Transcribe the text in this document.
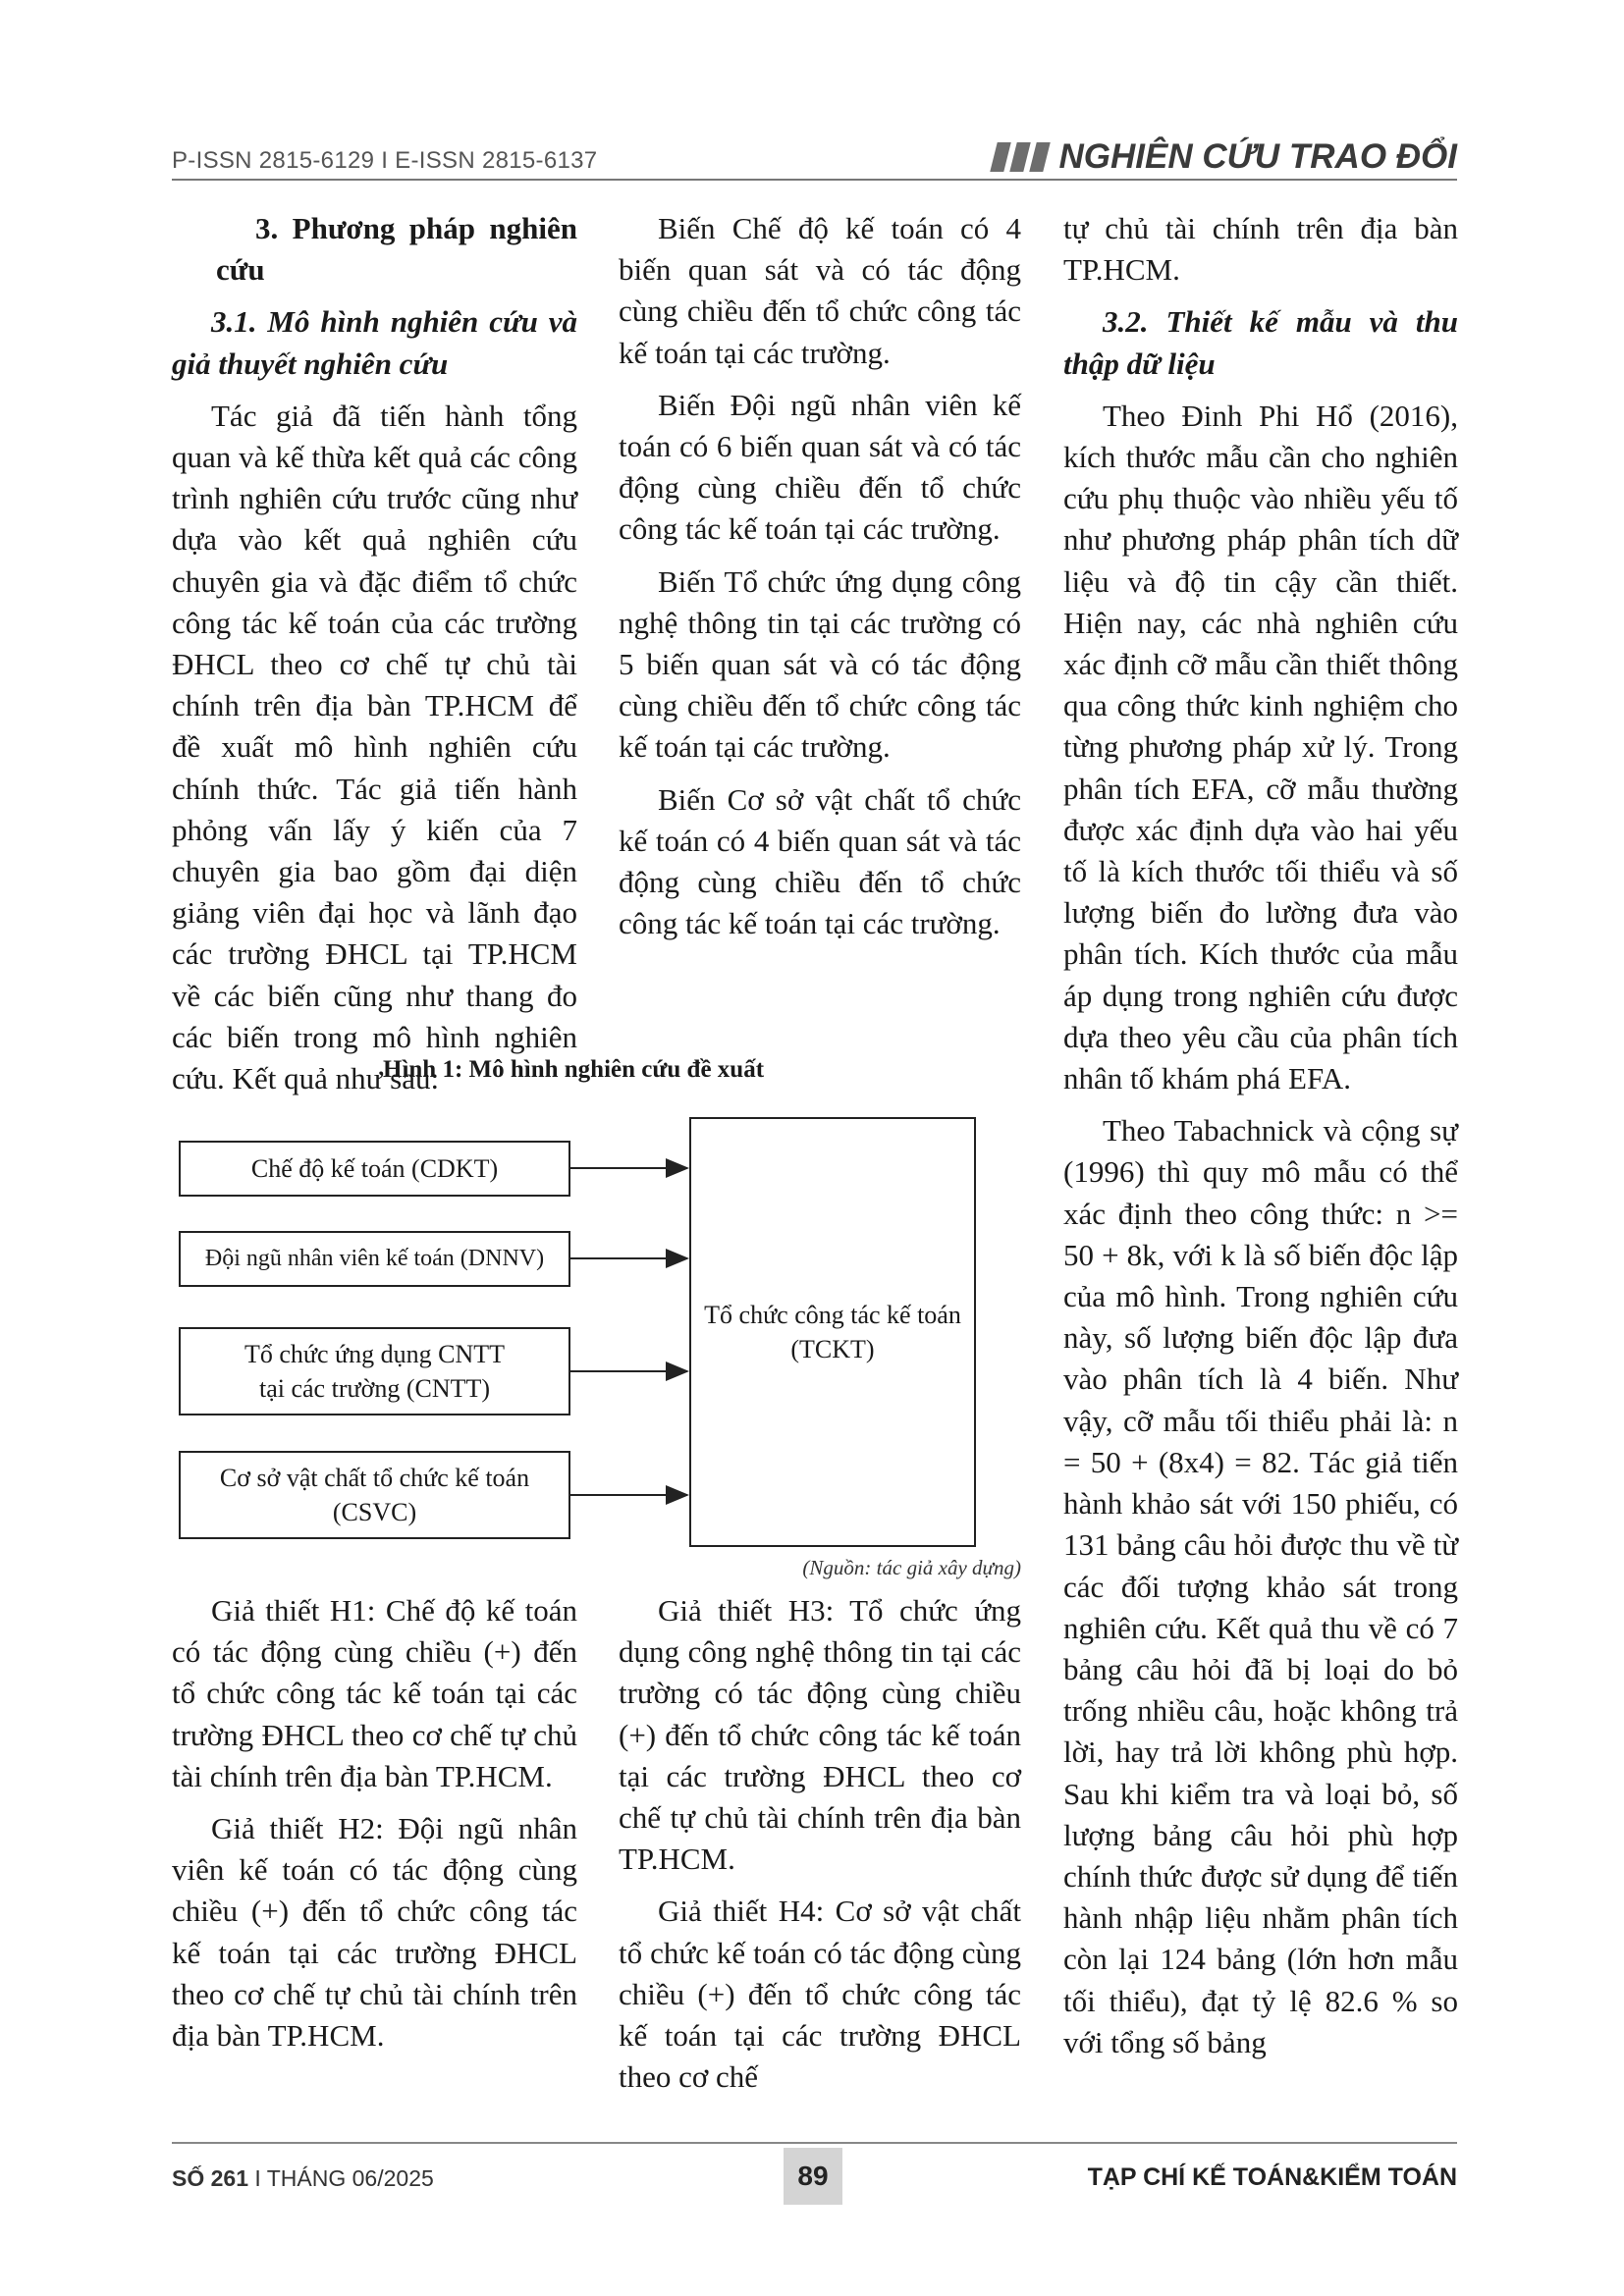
P-ISSN 2815-6129 I E-ISSN 2815-6137	NGHIÊN CỨU TRAO ĐỔI

3. Phương pháp nghiên cứu

3.1. Mô hình nghiên cứu và giả thuyết nghiên cứu

Tác giả đã tiến hành tổng quan và kế thừa kết quả các công trình nghiên cứu trước cũng như dựa vào kết quả nghiên cứu chuyên gia và đặc điểm tổ chức công tác kế toán của các trường ĐHCL theo cơ chế tự chủ tài chính trên địa bàn TP.HCM để đề xuất mô hình nghiên cứu chính thức. Tác giả tiến hành phỏng vấn lấy ý kiến của 7 chuyên gia bao gồm đại diện giảng viên đại học và lãnh đạo các trường ĐHCL tại TP.HCM về các biến cũng như thang đo các biến trong mô hình nghiên cứu. Kết quả như sau:

Biến Chế độ kế toán có 4 biến quan sát và có tác động cùng chiều đến tổ chức công tác kế toán tại các trường.

Biến Đội ngũ nhân viên kế toán có 6 biến quan sát và có tác động cùng chiều đến tổ chức công tác kế toán tại các trường.

Biến Tổ chức ứng dụng công nghệ thông tin tại các trường có 5 biến quan sát và có tác động cùng chiều đến tổ chức công tác kế toán tại các trường.

Biến Cơ sở vật chất tổ chức kế toán có 4 biến quan sát và tác động cùng chiều đến tổ chức công tác kế toán tại các trường.

tự chủ tài chính trên địa bàn TP.HCM.

3.2. Thiết kế mẫu và thu thập dữ liệu

Theo Đinh Phi Hổ (2016), kích thước mẫu cần cho nghiên cứu phụ thuộc vào nhiều yếu tố như phương pháp phân tích dữ liệu và độ tin cậy cần thiết. Hiện nay, các nhà nghiên cứu xác định cỡ mẫu cần thiết thông qua công thức kinh nghiệm cho từng phương pháp xử lý. Trong phân tích EFA, cỡ mẫu thường được xác định dựa vào hai yếu tố là kích thước tối thiểu và số lượng biến đo lường đưa vào phân tích. Kích thước của mẫu áp dụng trong nghiên cứu được dựa theo yêu cầu của phân tích nhân tố khám phá EFA.

Theo Tabachnick và cộng sự (1996) thì quy mô mẫu có thể xác định theo công thức: n >= 50 + 8k, với k là số biến độc lập của mô hình. Trong nghiên cứu này, số lượng biến độc lập đưa vào phân tích là 4 biến. Như vậy, cỡ mẫu tối thiểu phải là: n = 50 + (8x4) = 82. Tác giả tiến hành khảo sát với 150 phiếu, có 131 bảng câu hỏi được thu về từ các đối tượng khảo sát trong nghiên cứu. Kết quả thu về có 7 bảng câu hỏi đã bị loại do bỏ trống nhiều câu, hoặc không trả lời, hay trả lời không phù hợp. Sau khi kiểm tra và loại bỏ, số lượng bảng câu hỏi phù hợp chính thức được sử dụng để tiến hành nhập liệu nhằm phân tích còn lại 124 bảng (lớn hơn mẫu tối thiểu), đạt tỷ lệ 82.6 % so với tổng số bảng

Hình 1: Mô hình nghiên cứu đề xuất
Chế độ kế toán (CDKT)
Đội ngũ nhân viên kế toán (DNNV)
Tổ chức ứng dụng CNTT
tại các trường (CNTT)
Cơ sở vật chất tổ chức kế toán
(CSVC)
Tổ chức công tác kế toán
(TCKT)
(Nguồn: tác giả xây dựng)

Giả thiết H1: Chế độ kế toán có tác động cùng chiều (+) đến tổ chức công tác kế toán tại các trường ĐHCL theo cơ chế tự chủ tài chính trên địa bàn TP.HCM.

Giả thiết H2: Đội ngũ nhân viên kế toán có tác động cùng chiều (+) đến tổ chức công tác kế toán tại các trường ĐHCL theo cơ chế tự chủ tài chính trên địa bàn TP.HCM.

Giả thiết H3: Tổ chức ứng dụng công nghệ thông tin tại các trường có tác động cùng chiều (+) đến tổ chức công tác kế toán tại các trường ĐHCL theo cơ chế tự chủ tài chính trên địa bàn TP.HCM.

Giả thiết H4: Cơ sở vật chất tổ chức kế toán có tác động cùng chiều (+) đến tổ chức công tác kế toán tại các trường ĐHCL theo cơ chế

SỐ 261 I THÁNG 06/2025	89	TẠP CHÍ KẾ TOÁN&KIỂM TOÁN
